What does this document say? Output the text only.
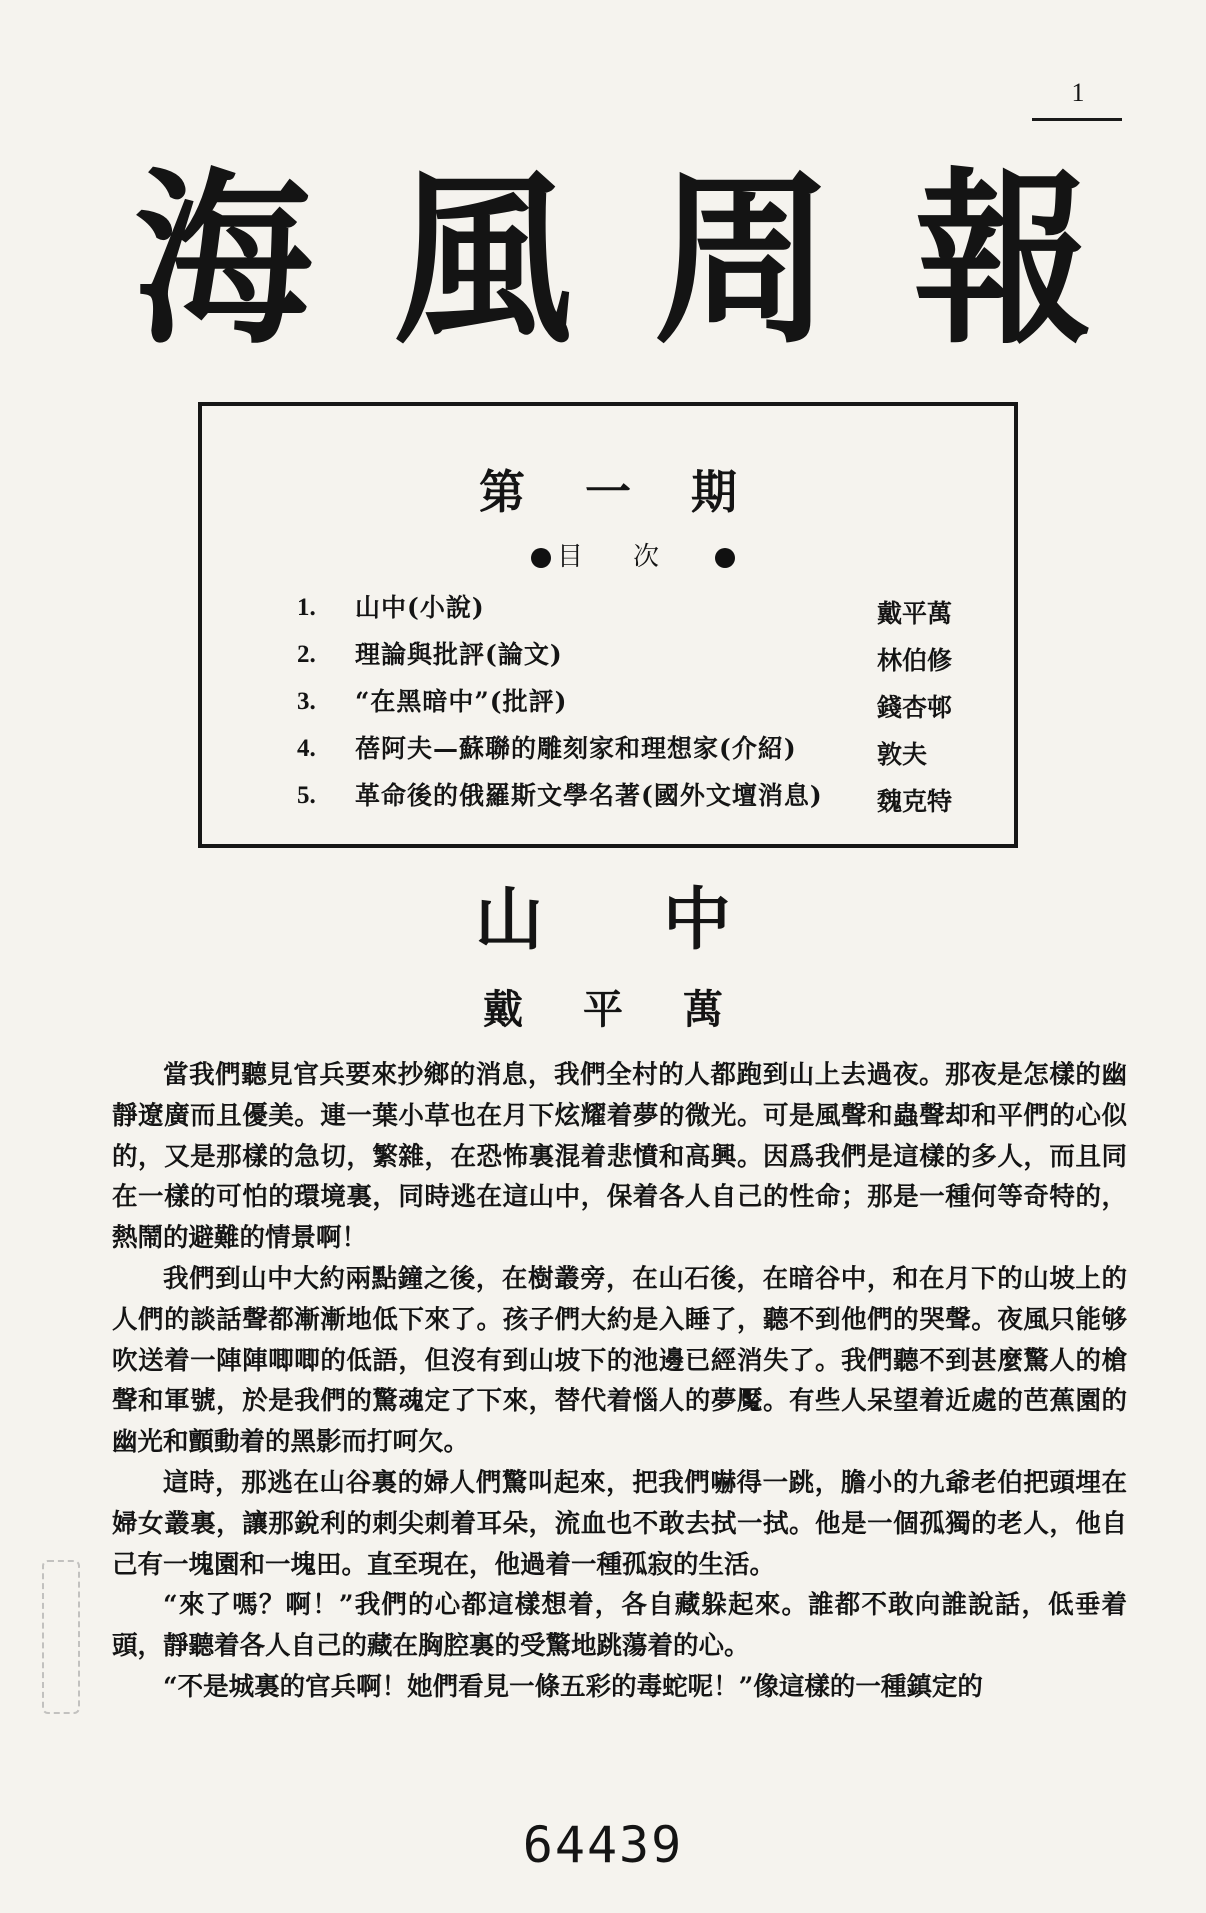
1
海 風 周 報
第一期
目次
1.	山中(小說)	戴平萬
2.	理論與批評(論文)	林伯修
3.	“在黑暗中”(批評)	錢杏邨
4.	蓓阿夫—蘇聯的雕刻家和理想家(介紹)	敦夫
5.	革命後的俄羅斯文學名著(國外文壇消息) 魏克特
山中
戴平萬

當我們聽見官兵要來抄鄉的消息，我們全村的人都跑到山上去過夜。那夜是怎樣的幽靜遼廣而且優美。連一葉小草也在月下炫耀着夢的微光。可是風聲和蟲聲却和平們的心似的，又是那樣的急切，繁雜，在恐怖裏混着悲憤和高興。因爲我們是這樣的多人，而且同在一樣的可怕的環境裏，同時逃在這山中，保着各人自己的性命；那是一種何等奇特的，熱鬧的避難的情景啊！

我們到山中大約兩點鐘之後，在樹叢旁，在山石後，在暗谷中，和在月下的山坡上的人們的談話聲都漸漸地低下來了。孩子們大約是入睡了，聽不到他們的哭聲。夜風只能够吹送着一陣陣唧唧的低語，但沒有到山坡下的池邊已經消失了。我們聽不到甚麼驚人的槍聲和軍號，於是我們的驚魂定了下來，替代着惱人的夢魘。有些人呆望着近處的芭蕉園的幽光和顫動着的黑影而打呵欠。

這時，那逃在山谷裏的婦人們驚叫起來，把我們嚇得一跳，膽小的九爺老伯把頭埋在婦女叢裏，讓那銳利的刺尖刺着耳朵，流血也不敢去拭一拭。他是一個孤獨的老人，他自己有一塊園和一塊田。直至現在，他過着一種孤寂的生活。

“來了嗎？啊！”我們的心都這樣想着，各自藏躲起來。誰都不敢向誰說話，低垂着頭，靜聽着各人自己的藏在胸腔裏的受驚地跳蕩着的心。

“不是城裏的官兵啊！她們看見一條五彩的毒蛇呢！”像這樣的一種鎮定的

64439
